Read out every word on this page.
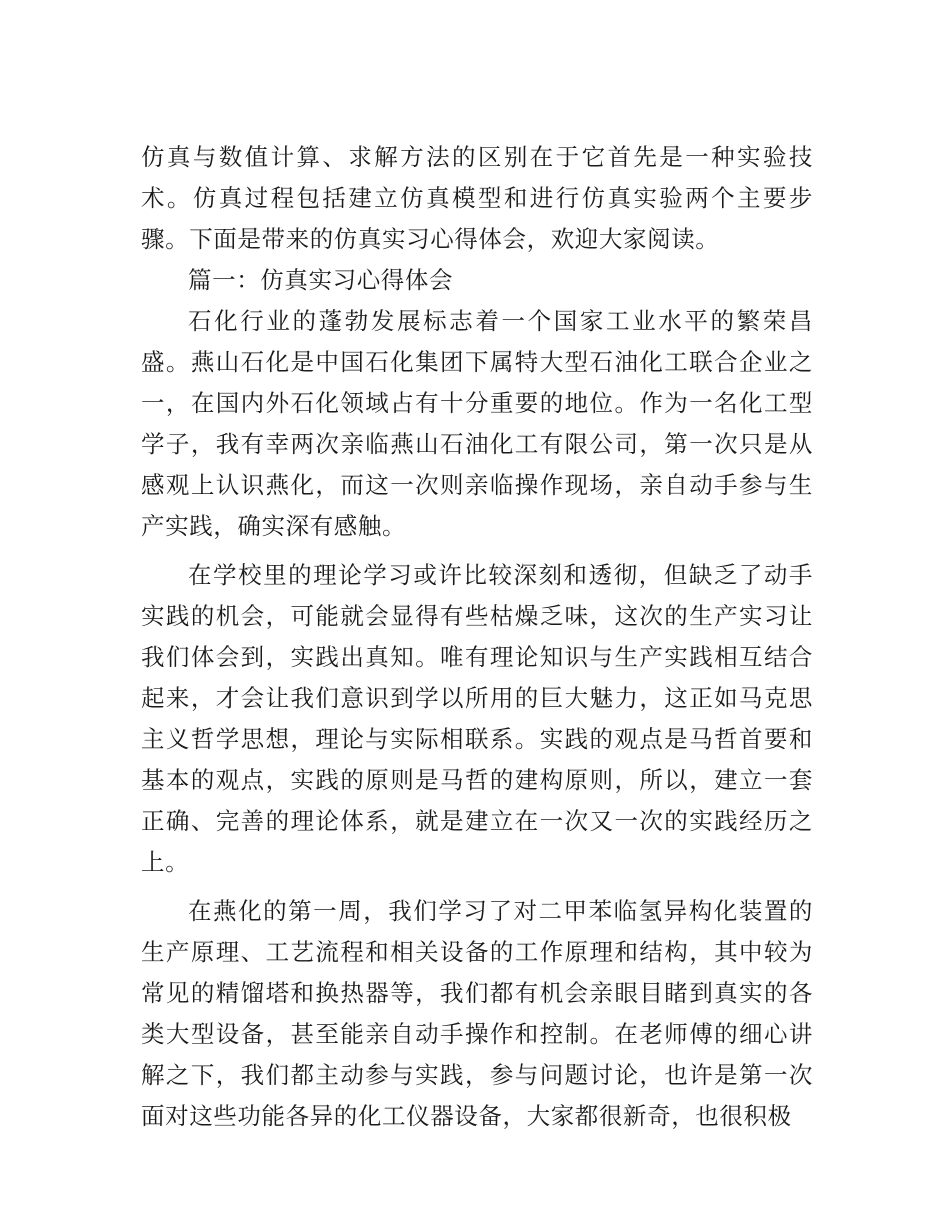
仿真与数值计算、求解方法的区别在于它首先是一种实验技术。仿真过程包括建立仿真模型和进行仿真实验两个主要步骤。下面是带来的仿真实习心得体会，欢迎大家阅读。

篇一：仿真实习心得体会

石化行业的蓬勃发展标志着一个国家工业水平的繁荣昌盛。燕山石化是中国石化集团下属特大型石油化工联合企业之一，在国内外石化领域占有十分重要的地位。作为一名化工型学子，我有幸两次亲临燕山石油化工有限公司，第一次只是从感观上认识燕化，而这一次则亲临操作现场，亲自动手参与生产实践，确实深有感触。

在学校里的理论学习或许比较深刻和透彻，但缺乏了动手实践的机会，可能就会显得有些枯燥乏味，这次的生产实习让我们体会到，实践出真知。唯有理论知识与生产实践相互结合起来，才会让我们意识到学以所用的巨大魅力，这正如马克思主义哲学思想，理论与实际相联系。实践的观点是马哲首要和基本的观点，实践的原则是马哲的建构原则，所以，建立一套正确、完善的理论体系，就是建立在一次又一次的实践经历之上。

在燕化的第一周，我们学习了对二甲苯临氢异构化装置的生产原理、工艺流程和相关设备的工作原理和结构，其中较为常见的精馏塔和换热器等，我们都有机会亲眼目睹到真实的各类大型设备，甚至能亲自动手操作和控制。在老师傅的细心讲解之下，我们都主动参与实践，参与问题讨论，也许是第一次面对这些功能各异的化工仪器设备，大家都很新奇，也很积极
